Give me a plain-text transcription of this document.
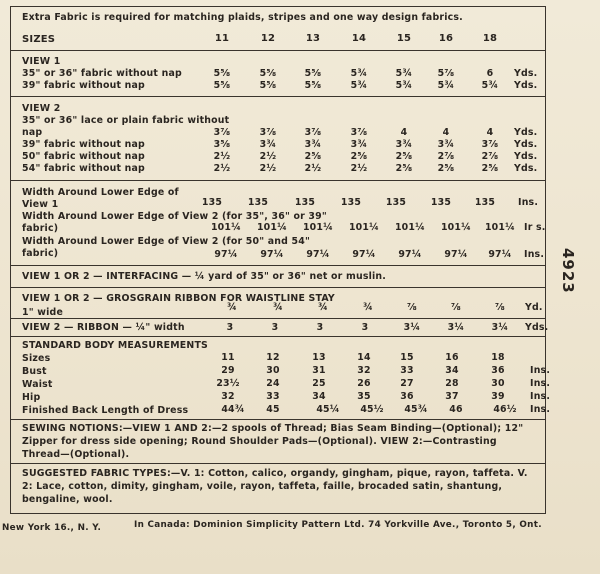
Extra Fabric is required for matching plaids, stripes and one way design fabrics.
SIZES	11	12	13	14	15	16	18
VIEW 1
35" or 36" fabric without nap	5⅝	5⅝	5⅝	5¾	5¾	5⅞	6	Yds.
39" fabric without nap	5⅝	5⅝	5⅝	5¾	5¾	5¾	5¾	Yds.
VIEW 2
35" or 36" lace or plain fabric without
nap	3⅞	3⅞	3⅞	3⅞	4	4	4	Yds.
39" fabric without nap	3⅝	3¾	3¾	3¾	3¾	3¾	3⅞	Yds.
50" fabric without nap	2½	2½	2⅝	2⅝	2⅝	2⅞	2⅞	Yds.
54" fabric without nap	2½	2½	2½	2½	2⅝	2⅝	2⅝	Yds.
Width Around Lower Edge of
View 1	135	135	135	135	135	135	135	Ins.
Width Around Lower Edge of View 2 (for 35", 36" or 39"
fabric)	101¼	101¼	101¼	101¼	101¼	101¼	101¼ Ir s.
Width Around Lower Edge of View 2 (for 50" and 54"
fabric)	97¼	97¼	97¼	97¼	97¼	97¼	97¼	Ins.
VIEW 1 OR 2 — INTERFACING — ¼ yard of 35" or 36" net or muslin.
VIEW 1 OR 2 — GROSGRAIN RIBBON FOR WAISTLINE STAY
1" wide	¾	¾	¾	¾	⅞	⅞	⅞	Yd.
VIEW 2 — RIBBON — ¼" width	3	3	3	3	3¼	3¼	3¼	Yds.
STANDARD BODY MEASUREMENTS
Sizes	11	12	13	14	15	16	18
Bust	29	30	31	32	33	34	36	Ins.
Waist	23½	24	25	26	27	28	30	Ins.
Hip	32	33	34	35	36	37	39	Ins.
Finished Back Length of Dress	44¾	45	45¼	45½	45¾	46	46½	Ins.
SEWING NOTIONS:—VIEW 1 AND 2:—2 spools of Thread; Bias Seam Binding—(Optional); 12"
Zipper for dress side opening; Round Shoulder Pads—(Optional). VIEW 2:—Contrasting
Thread—(Optional).
SUGGESTED FABRIC TYPES:—V. 1: Cotton, calico, organdy, gingham, pique, rayon, taffeta. V.
2: Lace, cotton, dimity, gingham, voile, rayon, taffeta, faille, brocaded satin, shantung,
bengaline, wool.
4923
New York 16., N. Y.	In Canada: Dominion Simplicity Pattern Ltd. 74 Yorkville Ave., Toronto 5, Ont.
